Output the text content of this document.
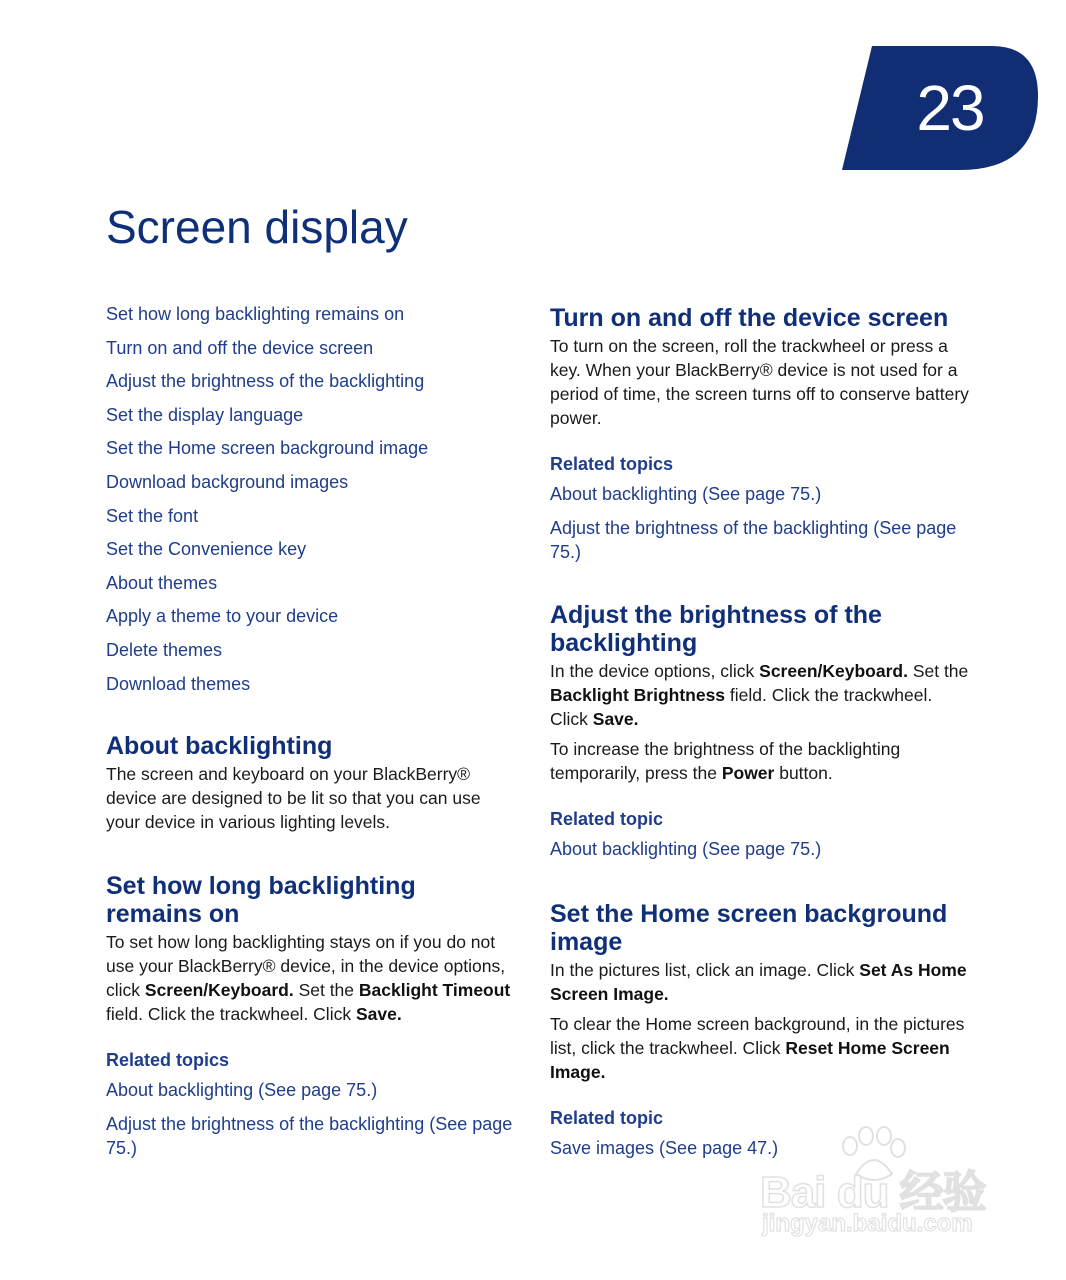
23
Screen display
Set how long backlighting remains on
Turn on and off the device screen
Adjust the brightness of the backlighting
Set the display language
Set the Home screen background image
Download background images
Set the font
Set the Convenience key
About themes
Apply a theme to your device
Delete themes
Download themes
About backlighting

The screen and keyboard on your BlackBerry® device are designed to be lit so that you can use your device in various lighting levels.

Set how long backlighting remains on

To set how long backlighting stays on if you do not use your BlackBerry® device, in the device options, click Screen/Keyboard. Set the Backlight Timeout field. Click the trackwheel. Click Save.

Related topics
About backlighting (See page 75.)
Adjust the brightness of the backlighting (See page 75.)
Turn on and off the device screen

To turn on the screen, roll the trackwheel or press a key. When your BlackBerry® device is not used for a period of time, the screen turns off to conserve battery power.

Related topics
About backlighting (See page 75.)
Adjust the brightness of the backlighting (See page 75.)
Adjust the brightness of the backlighting

In the device options, click Screen/Keyboard. Set the Backlight Brightness field. Click the trackwheel. Click Save.

To increase the brightness of the backlighting temporarily, press the Power button.

Related topic
About backlighting (See page 75.)
Set the Home screen background image

In the pictures list, click an image. Click Set As Home Screen Image.

To clear the Home screen background, in the pictures list, click the trackwheel. Click Reset Home Screen Image.

Related topic
Save images (See page 47.)
Bai du 经验
jingyan.baidu.com
